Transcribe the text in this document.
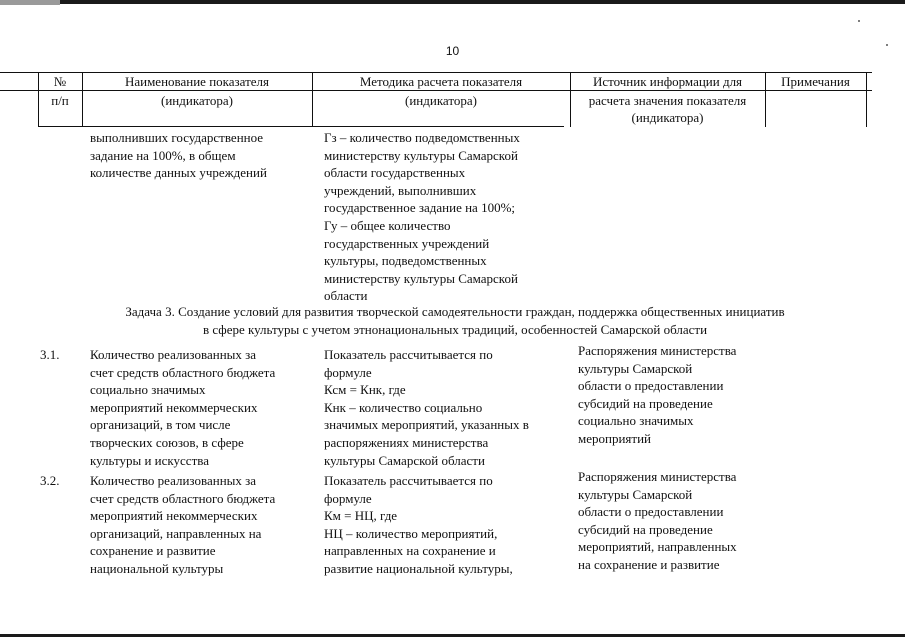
10
№
п/п
Наименование показателя
(индикатора)
Методика расчета показателя
(индикатора)
Источник информации для
расчета значения показателя
(индикатора)
Примечания
выполнивших государственное
задание на 100%, в общем
количестве данных учреждений
Гз – количество подведомственных
министерству культуры Самарской
области государственных
учреждений, выполнивших
государственное задание на 100%;
Гу – общее количество
государственных учреждений
культуры, подведомственных
министерству культуры Самарской
области
Задача 3. Создание условий для развития творческой самодеятельности граждан, поддержка общественных инициатив
в сфере культуры с учетом этнонациональных традиций, особенностей Самарской области
3.1.	Количество реализованных за
счет средств областного бюджета
социально значимых
мероприятий некоммерческих
организаций, в том числе
творческих союзов, в сфере
культуры и искусства
Показатель рассчитывается по
формуле
Ксм = Кнк, где
Кнк – количество социально
значимых мероприятий, указанных в
распоряжениях министерства
культуры Самарской области
Распоряжения министерства
культуры Самарской
области о предоставлении
субсидий на проведение
социально значимых
мероприятий
3.2.	Количество реализованных за
счет средств областного бюджета
мероприятий некоммерческих
организаций, направленных на
сохранение и развитие
национальной культуры
Показатель рассчитывается по
формуле
Км = НЦ, где
НЦ – количество мероприятий,
направленных на сохранение и
развитие национальной культуры,
Распоряжения министерства
культуры Самарской
области о предоставлении
субсидий на проведение
мероприятий, направленных
на сохранение и развитие
